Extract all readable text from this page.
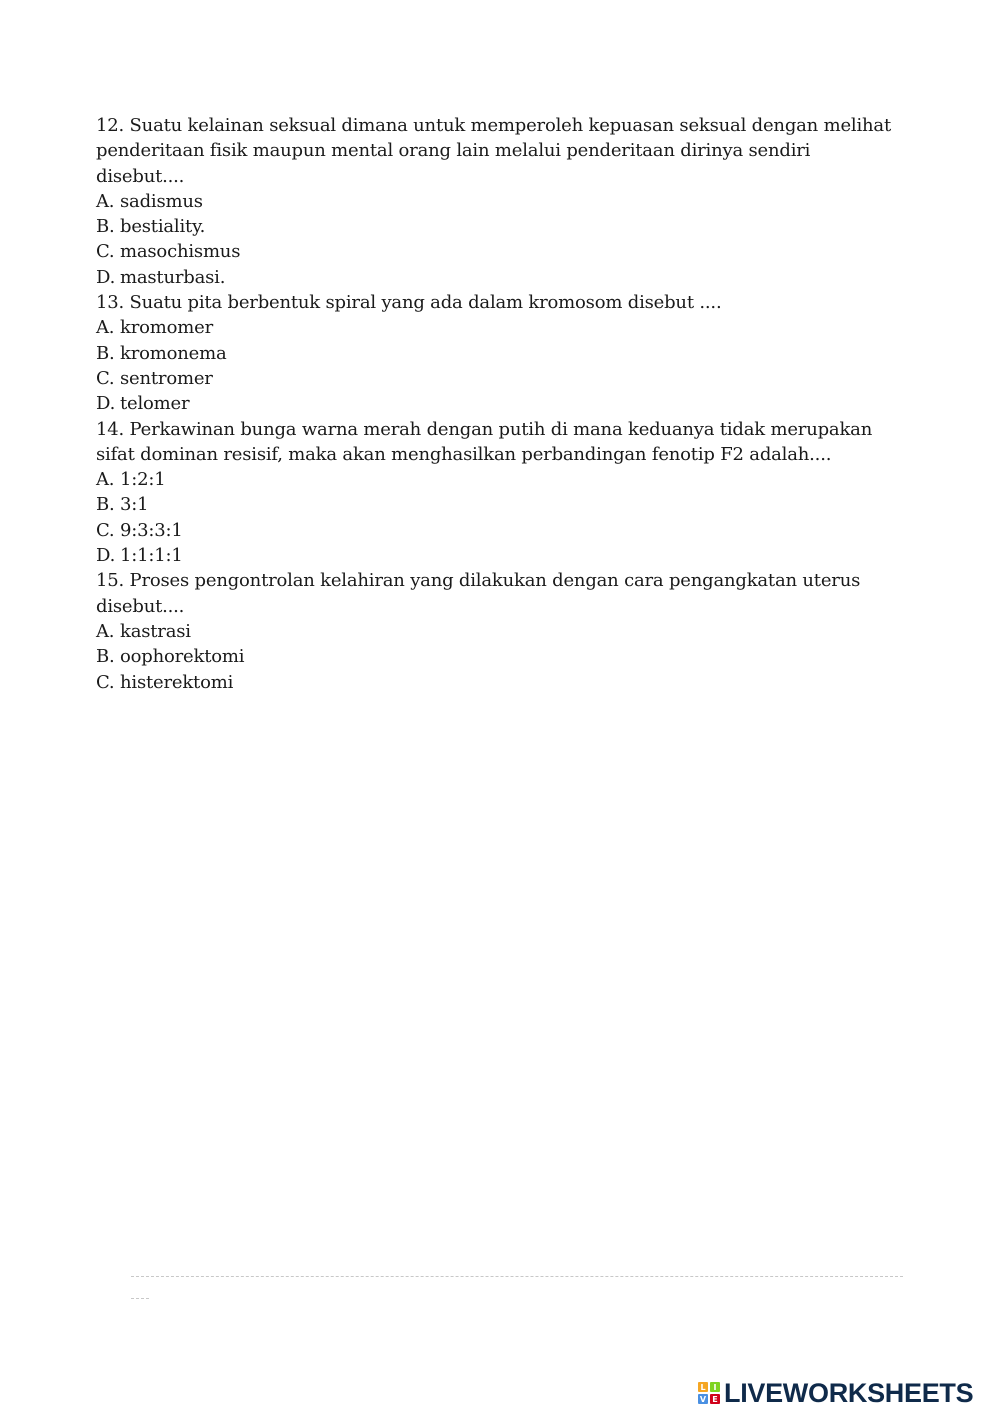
12. Suatu kelainan seksual dimana untuk memperoleh kepuasan seksual dengan melihat penderitaan fisik maupun mental orang lain melalui penderitaan dirinya sendiri disebut....

A. sadismus

B. bestiality.

C. masochismus

D. masturbasi.

13. Suatu pita berbentuk spiral yang ada dalam kromosom disebut ....

A. kromomer

B. kromonema

C. sentromer

D. telomer

14. Perkawinan bunga warna merah dengan putih di mana keduanya tidak merupakan sifat dominan resisif, maka akan menghasilkan perbandingan fenotip F2 adalah....

A. 1:2:1

B. 3:1

C. 9:3:3:1

D. 1:1:1:1

15. Proses pengontrolan kelahiran yang dilakukan dengan cara pengangkatan uterus disebut....

A. kastrasi

B. oophorektomi

C. histerektomi

L I
V E LIVEWORKSHEETS
